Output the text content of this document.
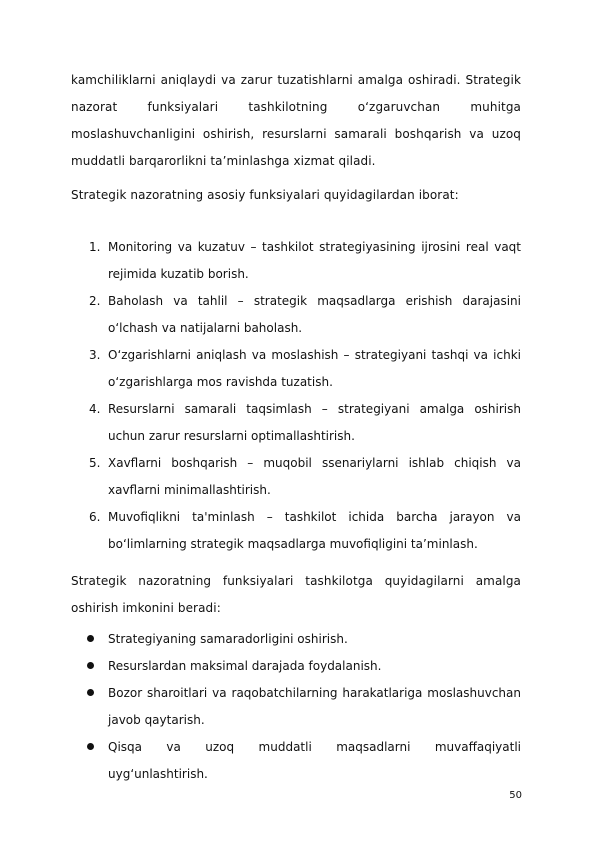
kamchiliklarni aniqlaydi va zarur tuzatishlarni amalga oshiradi. Strategik nazorat funksiyalari tashkilotning o‘zgaruvchan muhitga moslashuvchanligini oshirish, resurslarni samarali boshqarish va uzoq muddatli barqarorlikni ta’minlashga xizmat qiladi.

Strategik nazoratning asosiy funksiyalari quyidagilardan iborat:

1. Monitoring va kuzatuv – tashkilot strategiyasining ijrosini real vaqt rejimida kuzatib borish.
2. Baholash va tahlil – strategik maqsadlarga erishish darajasini o‘lchash va natijalarni baholash.
3. O‘zgarishlarni aniqlash va moslashish – strategiyani tashqi va ichki o‘zgarishlarga mos ravishda tuzatish.
4. Resurslarni samarali taqsimlash – strategiyani amalga oshirish uchun zarur resurslarni optimallashtirish.
5. Xavflarni boshqarish – muqobil ssenariylarni ishlab chiqish va xavflarni minimallashtirish.
6. Muvofiqlikni ta'minlash – tashkilot ichida barcha jarayon va bo‘limlarning strategik maqsadlarga muvofiqligini ta’minlash.

Strategik nazoratning funksiyalari tashkilotga quyidagilarni amalga oshirish imkonini beradi:

Strategiyaning samaradorligini oshirish.
Resurslardan maksimal darajada foydalanish.
Bozor sharoitlari va raqobatchilarning harakatlariga moslashuvchan javob qaytarish.
Qisqa va uzoq muddatli maqsadlarni muvaffaqiyatli uyg‘unlashtirish.
50
